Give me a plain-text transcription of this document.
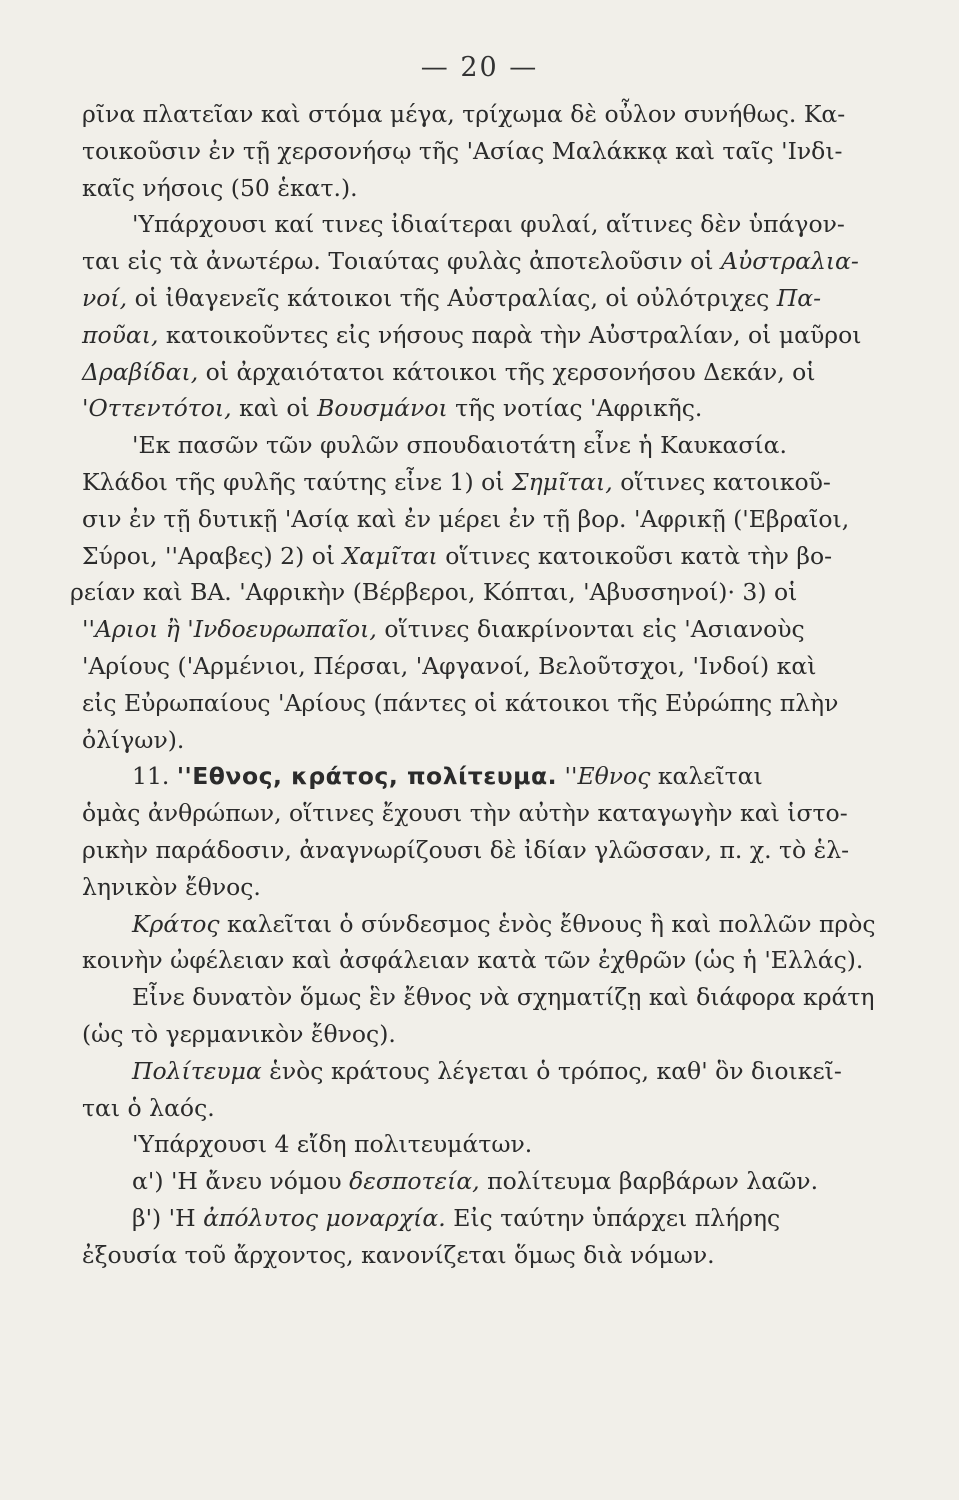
— 20 —
ρῖνα πλατεῖαν καὶ στόμα μέγα, τρίχωμα δὲ οὖλον συνήθως. Κα-
τοικοῦσιν ἐν τῇ χερσονήσῳ τῆς 'Ασίας Μαλάκκᾳ καὶ ταῖς 'Ινδι-
καῖς νήσοις (50 ἑκατ.).
'Υπάρχουσι καί τινες ἰδιαίτεραι φυλαί, αἵτινες δὲν ὑπάγον-
ται εἰς τὰ ἀνωτέρω. Τοιαύτας φυλὰς ἀποτελοῦσιν οἱ Αὐστραλια-
νοί, οἱ ἰθαγενεῖς κάτοικοι τῆς Αὐστραλίας, οἱ οὐλότριχες Πα-
ποῦαι, κατοικοῦντες εἰς νήσους παρὰ τὴν Αὐστραλίαν, οἱ μαῦροι
Δραβίδαι, οἱ ἀρχαιότατοι κάτοικοι τῆς χερσονήσου Δεκάν, οἱ
'Οττεντότοι, καὶ οἱ Βουσμάνοι τῆς νοτίας 'Αφρικῆς.
'Εκ πασῶν τῶν φυλῶν σπουδαιοτάτη εἶνε ἡ Καυκασία.
Κλάδοι τῆς φυλῆς ταύτης εἶνε 1) οἱ Σημῖται, οἵτινες κατοικοῦ-
σιν ἐν τῇ δυτικῇ 'Ασίᾳ καὶ ἐν μέρει ἐν τῇ βορ. 'Αφρικῇ ('Εβραῖοι,
Σύροι, ''Αραβες) 2) οἱ Χαμῖται οἵτινες κατοικοῦσι κατὰ τὴν βο-
ρείαν καὶ ΒΑ. 'Αφρικὴν (Βέρβεροι, Κόπται, 'Αβυσσηνοί)· 3) οἱ
''Αριοι ἢ 'Ινδοευρωπαῖοι, οἵτινες διακρίνονται εἰς 'Ασιανοὺς
'Αρίους ('Αρμένιοι, Πέρσαι, 'Αφγανοί, Βελοῦτσχοι, 'Ινδοί) καὶ
εἰς Εὐρωπαίους 'Αρίους (πάντες οἱ κάτοικοι τῆς Εὐρώπης πλὴν
ὀλίγων).
11. ''Εθνος, κράτος, πολίτευμα. ''Εθνος καλεῖται
ὁμὰς ἀνθρώπων, οἵτινες ἔχουσι τὴν αὐτὴν καταγωγὴν καὶ ἱστο-
ρικὴν παράδοσιν, ἀναγνωρίζουσι δὲ ἰδίαν γλῶσσαν, π. χ. τὸ ἑλ-
ληνικὸν ἔθνος.
Κράτος καλεῖται ὁ σύνδεσμος ἑνὸς ἔθνους ἢ καὶ πολλῶν πρὸς
κοινὴν ὠφέλειαν καὶ ἀσφάλειαν κατὰ τῶν ἐχθρῶν (ὡς ἡ 'Ελλάς).
Εἶνε δυνατὸν ὅμως ἓν ἔθνος νὰ σχηματίζῃ καὶ διάφορα κράτη
(ὡς τὸ γερμανικὸν ἔθνος).
Πολίτευμα ἑνὸς κράτους λέγεται ὁ τρόπος, καθ' ὃν διοικεῖ-
ται ὁ λαός.
'Υπάρχουσι 4 εἴδη πολιτευμάτων.
α') 'Η ἄνευ νόμου δεσποτεία, πολίτευμα βαρβάρων λαῶν.
β') 'Η ἀπόλυτος μοναρχία. Εἰς ταύτην ὑπάρχει πλήρης
ἐξουσία τοῦ ἄρχοντος, κανονίζεται ὅμως διὰ νόμων.
